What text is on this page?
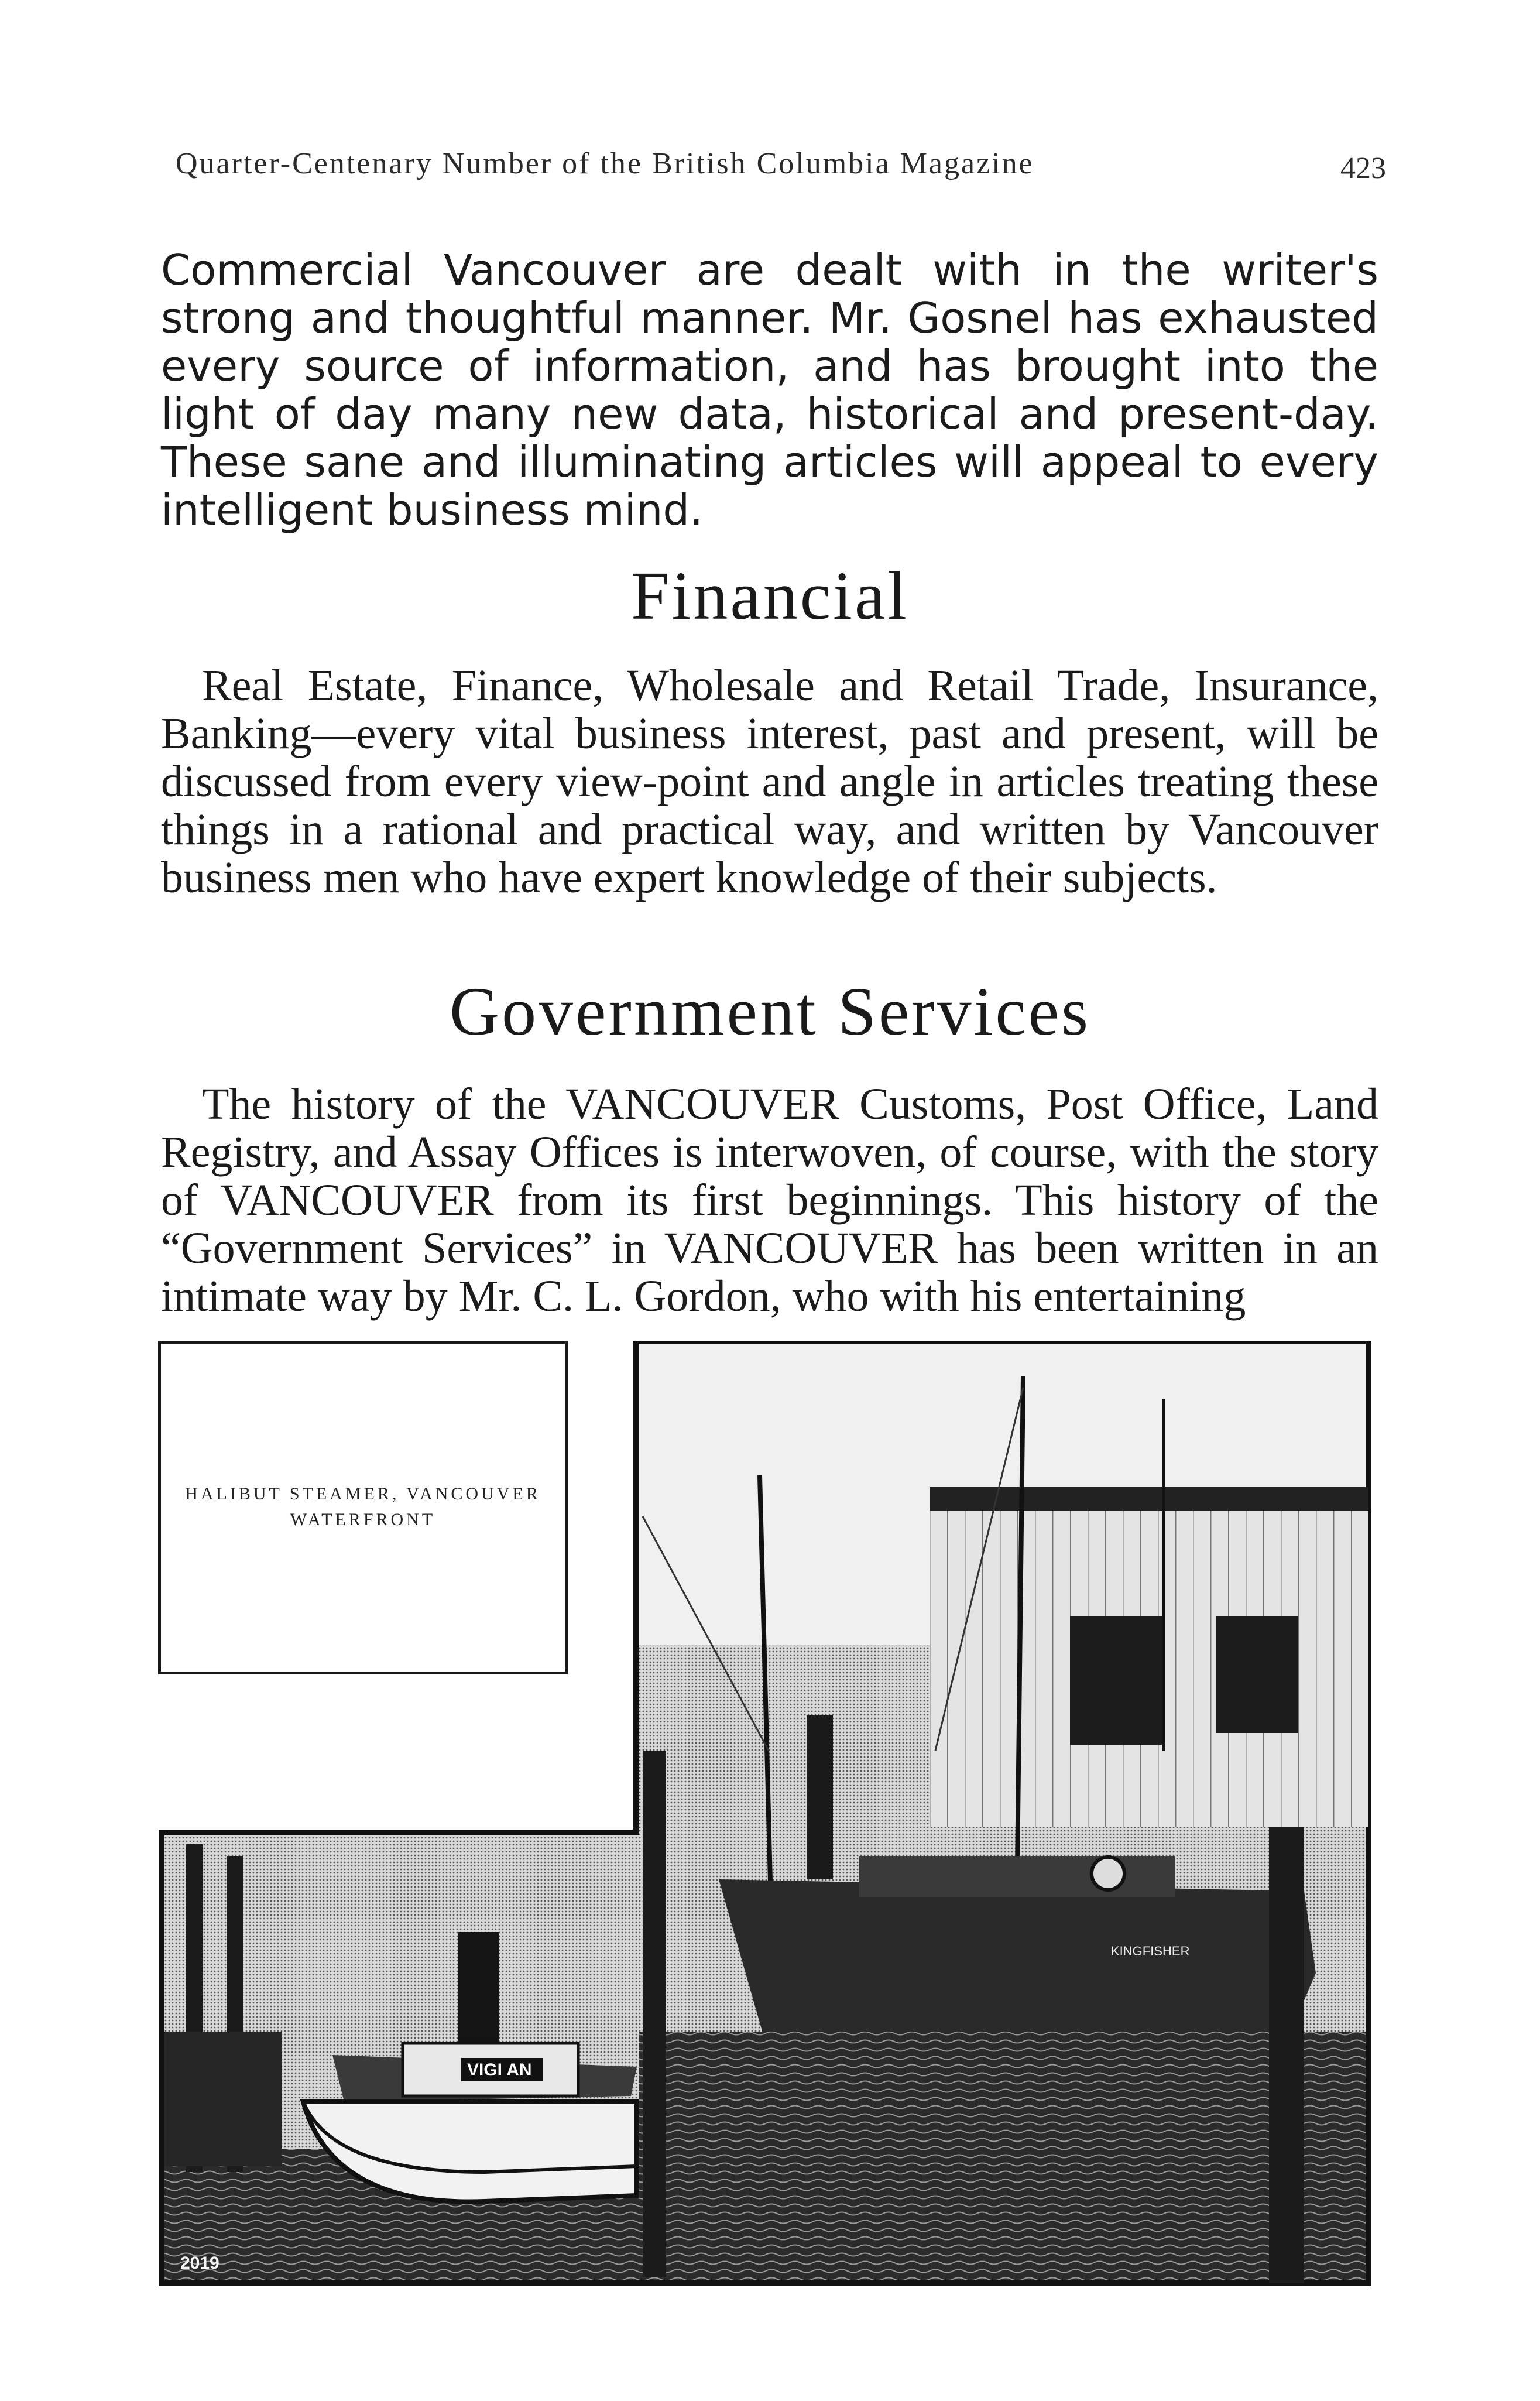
Quarter-Centenary Number of the British Columbia Magazine	423

Commercial Vancouver are dealt with in the writer's strong and thoughtful manner. Mr. Gosnel has exhausted every source of information, and has brought into the light of day many new data, historical and present-day. These sane and illuminating articles will appeal to every intelligent business mind.

Financial

Real Estate, Finance, Wholesale and Retail Trade, Insurance, Banking—every vital business interest, past and present, will be discussed from every view-point and angle in articles treating these things in a rational and practical way, and written by Vancouver business men who have expert knowledge of their subjects.

Government Services

The history of the VANCOUVER Customs, Post Office, Land Registry, and Assay Offices is interwoven, of course, with the story of VANCOUVER from its first beginnings. This history of the “Government Services” in VANCOUVER has been written in an intimate way by Mr. C. L. Gordon, who with his entertaining

KINGFISHER
VIGI AN
2019
HALIBUT STEAMER, VANCOUVER WATERFRONT
